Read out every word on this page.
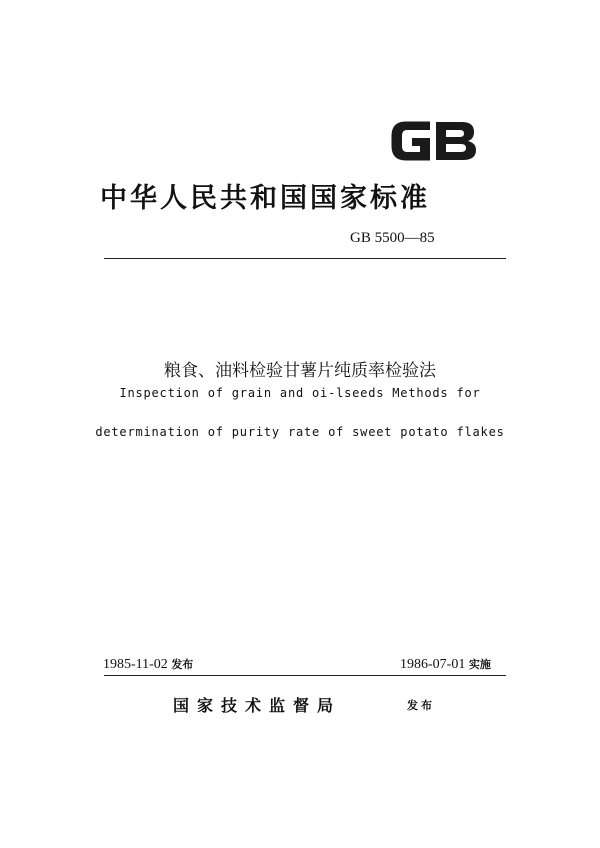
中华人民共和国国家标准
GB 5500—85
粮食、油料检验甘薯片纯质率检验法
Inspection of grain and oi-lseeds Methods for
determination of purity rate of sweet potato flakes
1985-11-02 发布	1986-07-01 实施
国家技术监督局	发布
